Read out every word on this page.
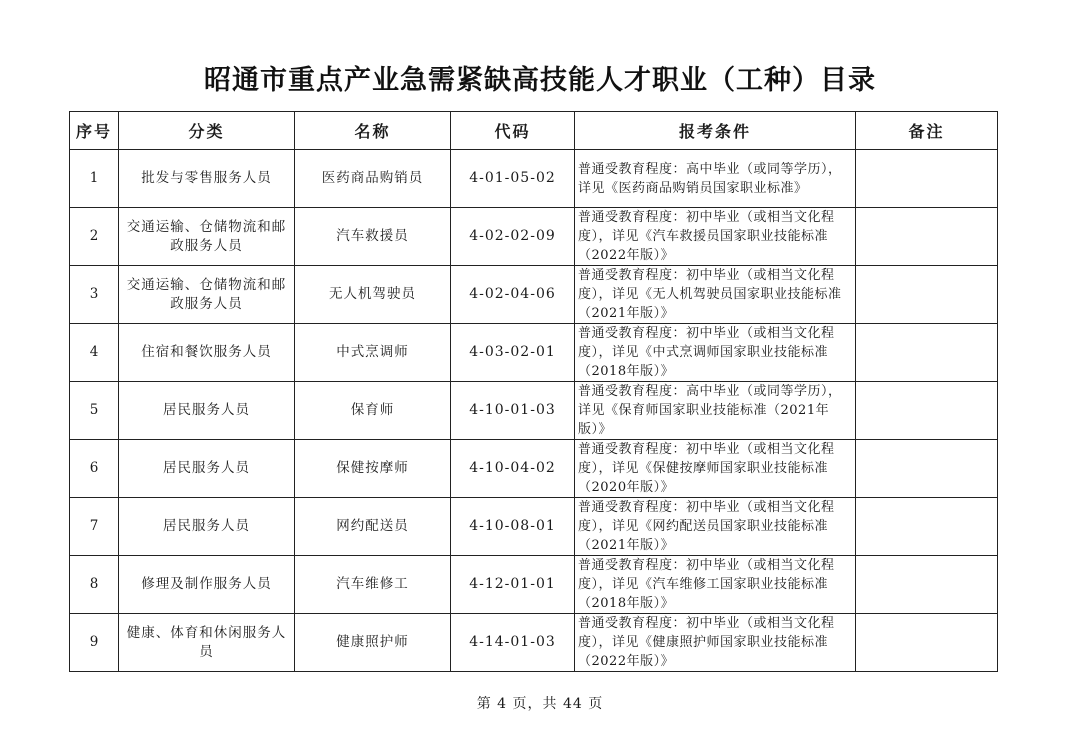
昭通市重点产业急需紧缺高技能人才职业（工种）目录
序号	分类	名称	代码	报考条件	备注
1	批发与零售服务人员	医药商品购销员	4-01-05-02	普通受教育程度：高中毕业（或同等学历），详见《医药商品购销员国家职业标准》	
2	交通运输、仓储物流和邮政服务人员	汽车救援员	4-02-02-09	普通受教育程度：初中毕业（或相当文化程度），详见《汽车救援员国家职业技能标准（2022年版）》	
3	交通运输、仓储物流和邮政服务人员	无人机驾驶员	4-02-04-06	普通受教育程度：初中毕业（或相当文化程度），详见《无人机驾驶员国家职业技能标准（2021年版）》	
4	住宿和餐饮服务人员	中式烹调师	4-03-02-01	普通受教育程度：初中毕业（或相当文化程度），详见《中式烹调师国家职业技能标准（2018年版）》	
5	居民服务人员	保育师	4-10-01-03	普通受教育程度：高中毕业（或同等学历），详见《保育师国家职业技能标准（2021年版）》	
6	居民服务人员	保健按摩师	4-10-04-02	普通受教育程度：初中毕业（或相当文化程度），详见《保健按摩师国家职业技能标准（2020年版）》	
7	居民服务人员	网约配送员	4-10-08-01	普通受教育程度：初中毕业（或相当文化程度），详见《网约配送员国家职业技能标准（2021年版）》	
8	修理及制作服务人员	汽车维修工	4-12-01-01	普通受教育程度：初中毕业（或相当文化程度），详见《汽车维修工国家职业技能标准（2018年版）》	
9	健康、体育和休闲服务人员	健康照护师	4-14-01-03	普通受教育程度：初中毕业（或相当文化程度），详见《健康照护师国家职业技能标准（2022年版）》	
第 4 页，共 44 页
